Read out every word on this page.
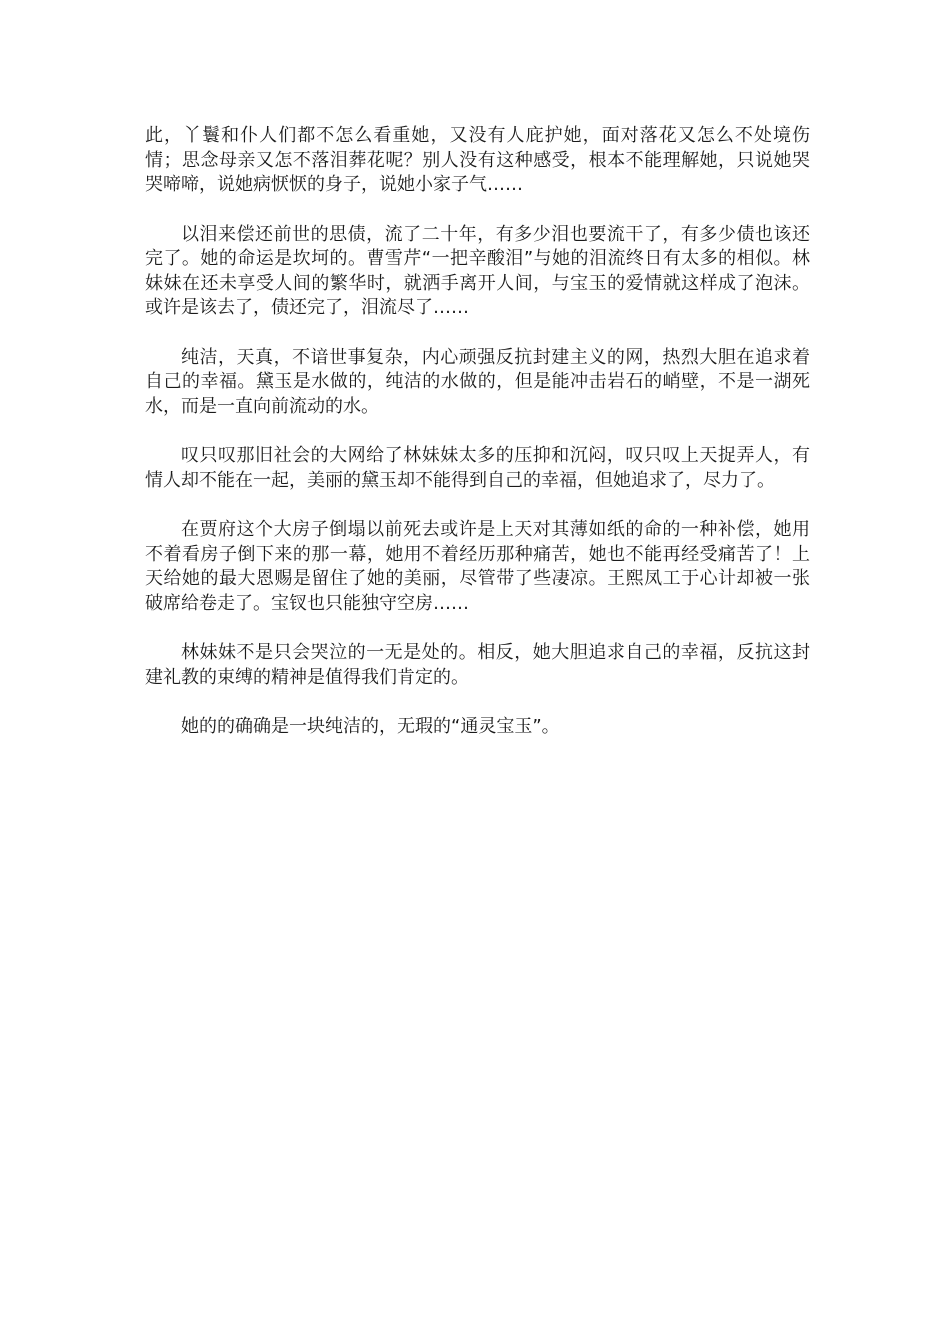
此，丫鬟和仆人们都不怎么看重她，又没有人庇护她，面对落花又怎么不处境伤情；思念母亲又怎不落泪葬花呢？别人没有这种感受，根本不能理解她，只说她哭哭啼啼，说她病恹恹的身子，说她小家子气……

以泪来偿还前世的思债，流了二十年，有多少泪也要流干了，有多少债也该还完了。她的命运是坎坷的。曹雪芹“一把辛酸泪”与她的泪流终日有太多的相似。林妹妹在还未享受人间的繁华时，就洒手离开人间，与宝玉的爱情就这样成了泡沫。或许是该去了，债还完了，泪流尽了……

纯洁，天真，不谙世事复杂，内心顽强反抗封建主义的网，热烈大胆在追求着自己的幸福。黛玉是水做的，纯洁的水做的，但是能冲击岩石的峭壁，不是一湖死水，而是一直向前流动的水。

叹只叹那旧社会的大网给了林妹妹太多的压抑和沉闷，叹只叹上天捉弄人，有情人却不能在一起，美丽的黛玉却不能得到自己的幸福，但她追求了，尽力了。

在贾府这个大房子倒塌以前死去或许是上天对其薄如纸的命的一种补偿，她用不着看房子倒下来的那一幕，她用不着经历那种痛苦，她也不能再经受痛苦了！上天给她的最大恩赐是留住了她的美丽，尽管带了些凄凉。王熙凤工于心计却被一张破席给卷走了。宝钗也只能独守空房……

林妹妹不是只会哭泣的一无是处的。相反，她大胆追求自己的幸福，反抗这封建礼教的束缚的精神是值得我们肯定的。

她的的确确是一块纯洁的，无瑕的“通灵宝玉”。
